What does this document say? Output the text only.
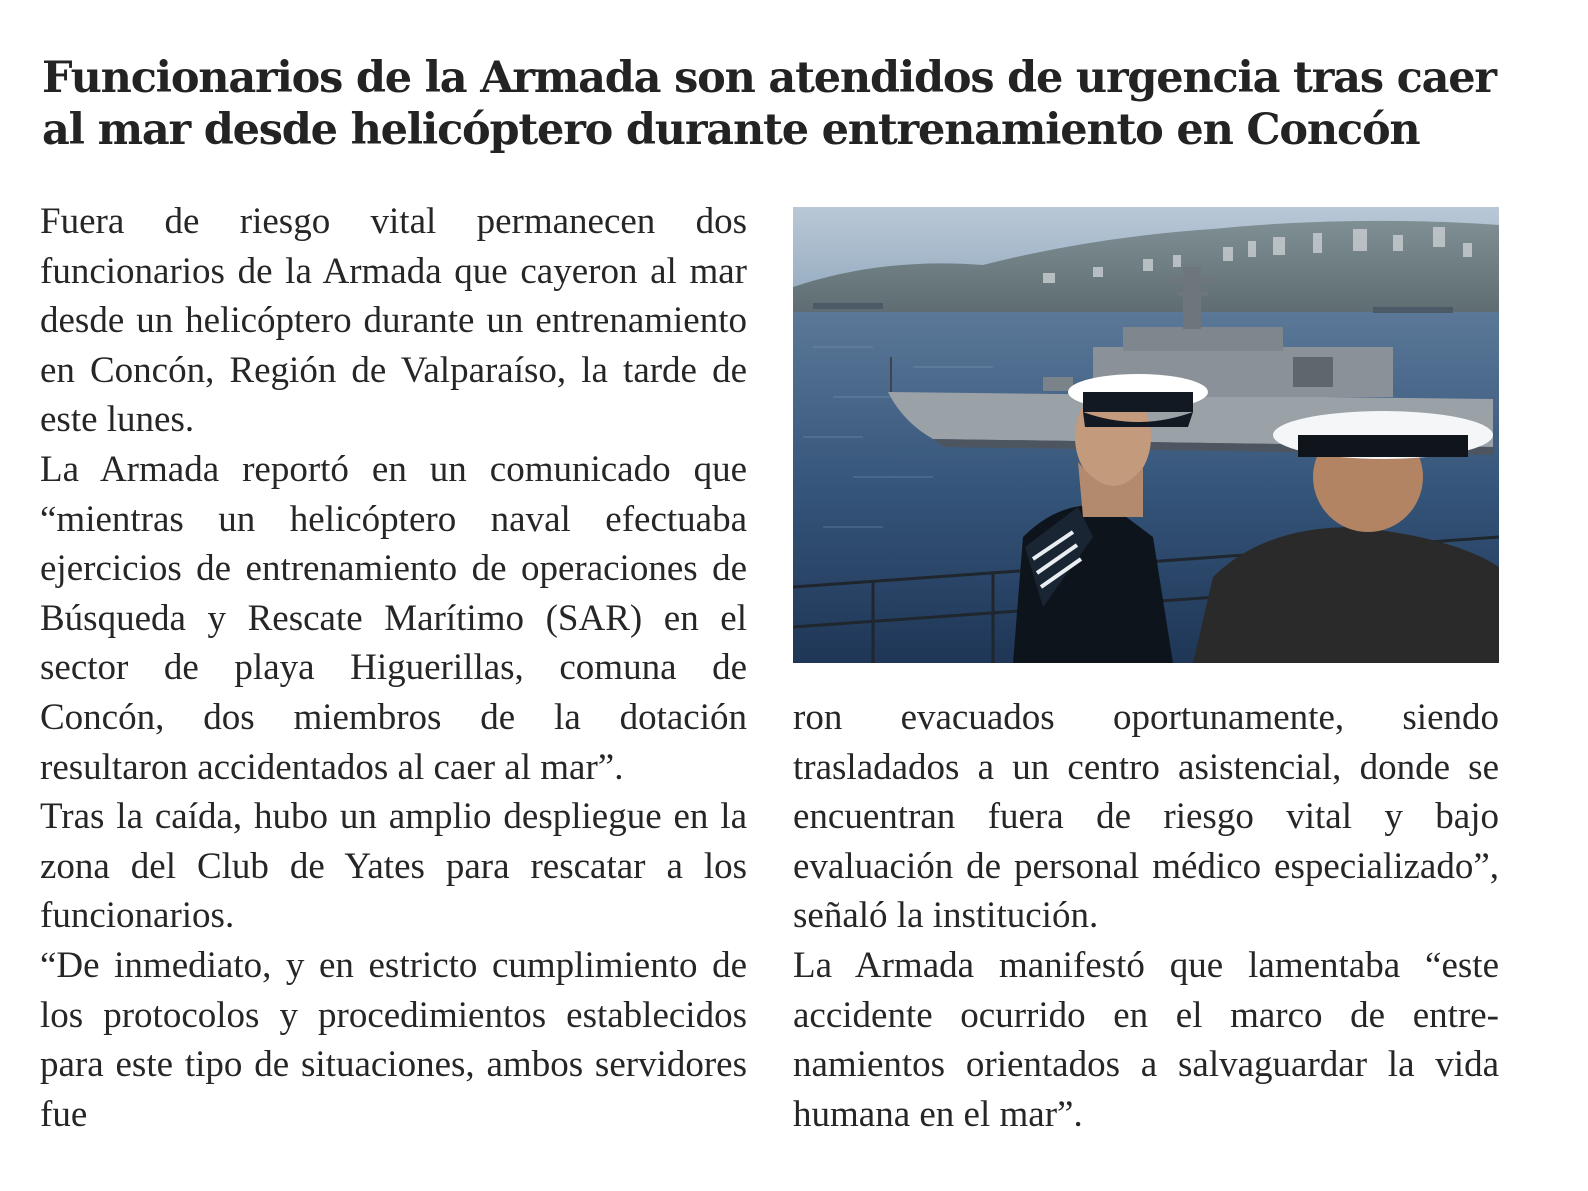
Funcionarios de la Armada son atendidos de urgencia tras caer al mar desde helicóptero durante entrenamiento en Concón

Fuera de riesgo vital permanecen dos funcionarios de la Armada que cayeron al mar desde un helicóptero durante un entrenamiento en Concón, Región de Valparaíso, la tarde de este lunes.

La Armada reportó en un comunicado que “mientras un helicóptero naval efectuaba ejercicios de entrenamiento de operaciones de Búsqueda y Rescate Marítimo (SAR) en el sector de playa Higuerillas, comuna de Concón, dos miembros de la dotación resultaron accidentados al caer al mar”.

Tras la caída, hubo un amplio despliegue en la zona del Club de Yates para rescatar a los funcionarios.

“De inmediato, y en estricto cumplimiento de los protocolos y procedimientos establecidos para este tipo de situaciones, ambos servidores fue

ron evacuados oportunamente, siendo trasladados a un centro asistencial, donde se encuentran fuera de riesgo vital y bajo evaluación de personal médico especializado”, señaló la institución.

La Armada manifestó que lamentaba “este accidente ocurrido en el marco de entrenamientos orientados a salvaguardar la vida humana en el mar”.
